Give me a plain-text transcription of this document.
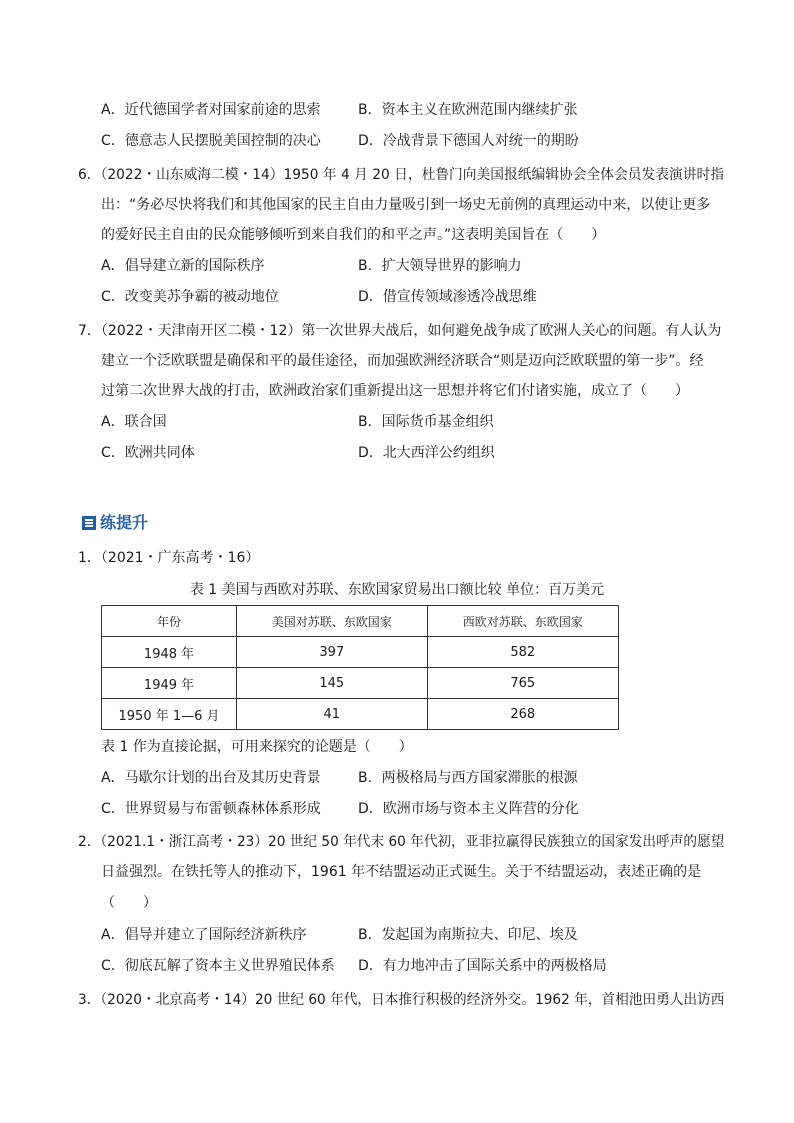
A．近代德国学者对国家前途的思索	B．资本主义在欧洲范围内继续扩张
C．德意志人民摆脱美国控制的决心	D．冷战背景下德国人对统一的期盼
6．（2022・山东威海二模・14）1950 年 4 月 20 日，杜鲁门向美国报纸编辑协会全体会员发表演讲时指
出：“务必尽快将我们和其他国家的民主自由力量吸引到一场史无前例的真理运动中来，以使让更多
的爱好民主自由的民众能够倾听到来自我们的和平之声。”这表明美国旨在（　　）
A．倡导建立新的国际秩序	B．扩大领导世界的影响力
C．改变美苏争霸的被动地位	D．借宣传领域渗透冷战思维
7．（2022・天津南开区二模・12）第一次世界大战后，如何避免战争成了欧洲人关心的问题。有人认为
建立一个泛欧联盟是确保和平的最佳途径，而加强欧洲经济联合“则是迈向泛欧联盟的第一步”。经
过第二次世界大战的打击，欧洲政治家们重新提出这一思想并将它们付诸实施，成立了（　　）
A．联合国	B．国际货币基金组织
C．欧洲共同体	D．北大西洋公约组织
练提升
1．（2021・广东高考・16）
表 1 美国与西欧对苏联、东欧国家贸易出口额比较 单位：百万美元
年份	美国对苏联、东欧国家	西欧对苏联、东欧国家
1948 年	397	582
1949 年	145	765
1950 年 1—6 月	41	268
表 1 作为直接论据，可用来探究的论题是（　　）
A．马歇尔计划的出台及其历史背景	B．两极格局与西方国家滞胀的根源
C．世界贸易与布雷顿森林体系形成	D．欧洲市场与资本主义阵营的分化
2．（2021.1・浙江高考・23）20 世纪 50 年代末 60 年代初，亚非拉赢得民族独立的国家发出呼声的愿望
日益强烈。在铁托等人的推动下，1961 年不结盟运动正式诞生。关于不结盟运动，表述正确的是
（　　）
A．倡导并建立了国际经济新秩序	B．发起国为南斯拉夫、印尼、埃及
C．彻底瓦解了资本主义世界殖民体系 D．有力地冲击了国际关系中的两极格局
3．（2020・北京高考・14）20 世纪 60 年代，日本推行积极的经济外交。1962 年，首相池田勇人出访西
